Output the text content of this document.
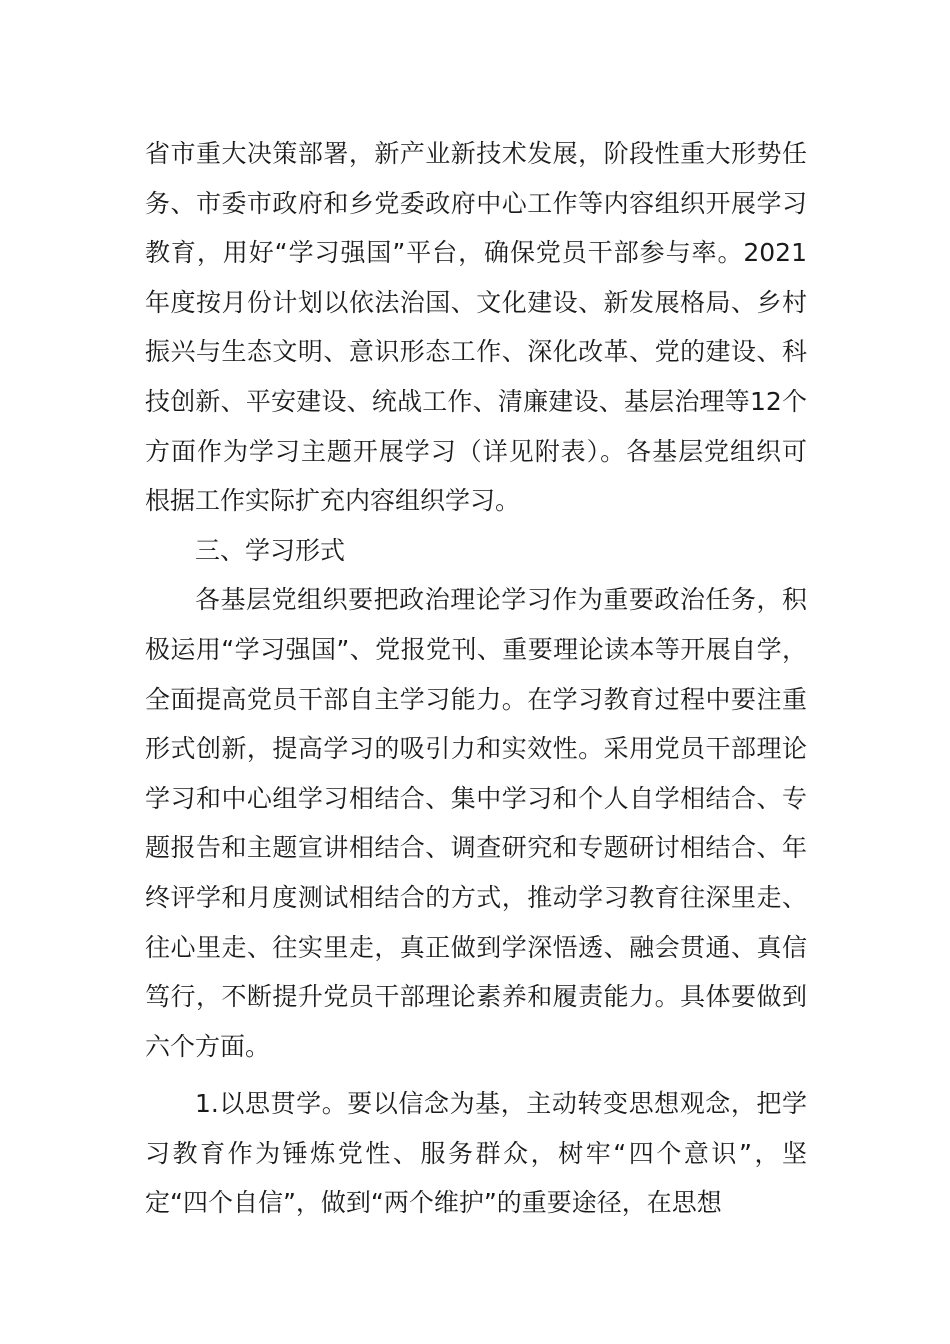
省市重大决策部署，新产业新技术发展，阶段性重大形势任务、市委市政府和乡党委政府中心工作等内容组织开展学习教育，用好“学习强国”平台，确保党员干部参与率。2021年度按月份计划以依法治国、文化建设、新发展格局、乡村振兴与生态文明、意识形态工作、深化改革、党的建设、科技创新、平安建设、统战工作、清廉建设、基层治理等12个方面作为学习主题开展学习（详见附表）。各基层党组织可根据工作实际扩充内容组织学习。

三、学习形式

各基层党组织要把政治理论学习作为重要政治任务，积极运用“学习强国”、党报党刊、重要理论读本等开展自学，全面提高党员干部自主学习能力。在学习教育过程中要注重形式创新，提高学习的吸引力和实效性。采用党员干部理论学习和中心组学习相结合、集中学习和个人自学相结合、专题报告和主题宣讲相结合、调查研究和专题研讨相结合、年终评学和月度测试相结合的方式，推动学习教育往深里走、往心里走、往实里走，真正做到学深悟透、融会贯通、真信笃行，不断提升党员干部理论素养和履责能力。具体要做到六个方面。

1.以思贯学。要以信念为基，主动转变思想观念，把学习教育作为锤炼党性、服务群众，树牢“四个意识”，坚定“四个自信”，做到“两个维护”的重要途径，在思想
